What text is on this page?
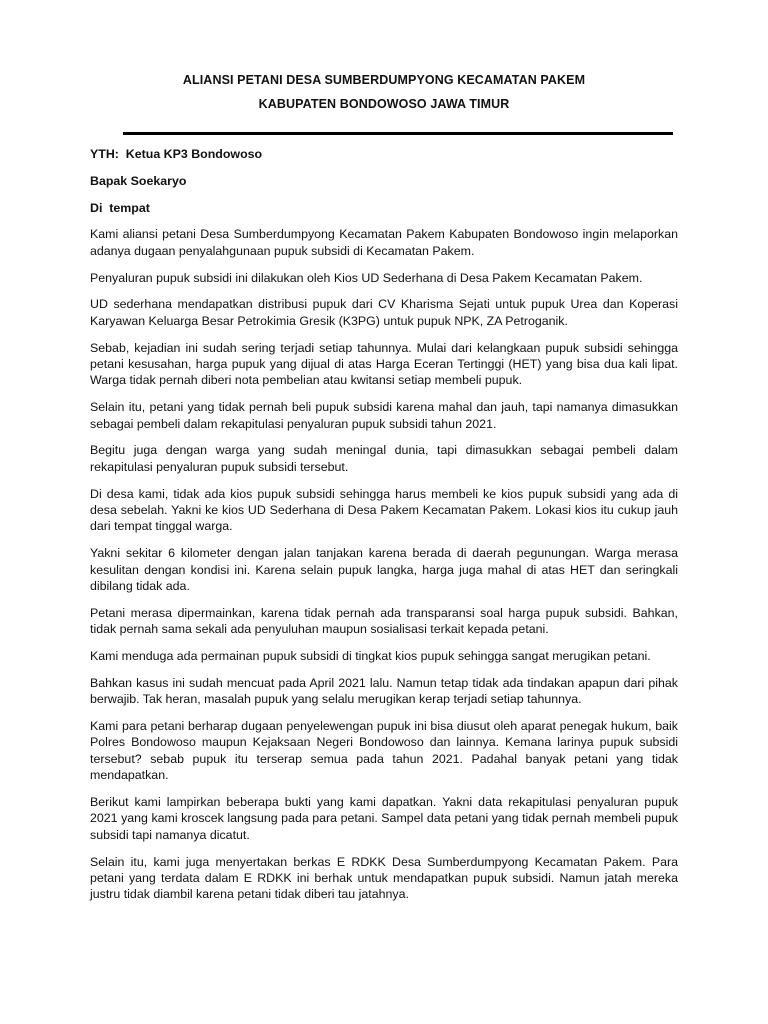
ALIANSI PETANI DESA SUMBERDUMPYONG KECAMATAN PAKEM
KABUPATEN BONDOWOSO JAWA TIMUR
YTH:  Ketua KP3 Bondowoso
Bapak Soekaryo
Di  tempat

Kami aliansi petani Desa Sumberdumpyong Kecamatan Pakem Kabupaten Bondowoso ingin melaporkan adanya dugaan penyalahgunaan pupuk subsidi di Kecamatan Pakem.

Penyaluran pupuk subsidi ini dilakukan oleh Kios UD Sederhana di Desa Pakem Kecamatan Pakem.

UD sederhana mendapatkan distribusi pupuk dari CV Kharisma Sejati untuk pupuk Urea dan Koperasi Karyawan Keluarga Besar Petrokimia Gresik (K3PG) untuk pupuk NPK, ZA Petroganik.

Sebab, kejadian ini sudah sering terjadi setiap tahunnya. Mulai dari kelangkaan pupuk subsidi sehingga petani kesusahan, harga pupuk yang dijual di atas Harga Eceran Tertinggi (HET) yang bisa dua kali lipat. Warga tidak pernah diberi nota pembelian atau kwitansi setiap membeli pupuk.

Selain itu, petani yang tidak pernah beli pupuk subsidi karena mahal dan jauh, tapi namanya dimasukkan sebagai pembeli dalam rekapitulasi penyaluran pupuk subsidi tahun 2021.

Begitu juga dengan warga yang sudah meningal dunia, tapi dimasukkan sebagai pembeli dalam rekapitulasi penyaluran pupuk subsidi tersebut.

Di desa kami, tidak ada kios pupuk subsidi sehingga harus membeli ke kios pupuk subsidi yang ada di desa sebelah. Yakni ke kios UD Sederhana di Desa Pakem Kecamatan Pakem. Lokasi kios itu cukup jauh dari tempat tinggal warga.

Yakni sekitar 6 kilometer dengan jalan tanjakan karena berada di daerah pegunungan. Warga merasa kesulitan dengan kondisi ini. Karena selain pupuk langka, harga juga mahal di atas HET dan seringkali dibilang tidak ada.

Petani merasa dipermainkan, karena tidak pernah ada transparansi soal harga pupuk subsidi. Bahkan, tidak pernah sama sekali ada penyuluhan maupun sosialisasi terkait kepada petani.

Kami menduga ada permainan pupuk subsidi di tingkat kios pupuk sehingga sangat merugikan petani.

Bahkan kasus ini sudah mencuat pada April 2021 lalu. Namun tetap tidak ada tindakan apapun dari pihak berwajib. Tak heran, masalah pupuk yang selalu merugikan kerap terjadi setiap tahunnya.

Kami para petani berharap dugaan penyelewengan pupuk ini bisa diusut oleh aparat penegak hukum, baik Polres Bondowoso maupun Kejaksaan Negeri Bondowoso dan lainnya. Kemana larinya pupuk subsidi tersebut? sebab pupuk itu terserap semua pada tahun 2021. Padahal banyak petani yang tidak mendapatkan.

Berikut kami lampirkan beberapa bukti yang kami dapatkan. Yakni data rekapitulasi penyaluran pupuk 2021 yang kami kroscek langsung pada para petani. Sampel data petani yang tidak pernah membeli pupuk subsidi tapi namanya dicatut.

Selain itu, kami juga menyertakan berkas E RDKK Desa Sumberdumpyong Kecamatan Pakem. Para petani yang terdata dalam E RDKK ini berhak untuk mendapatkan pupuk subsidi. Namun jatah mereka justru tidak diambil karena petani tidak diberi tau jatahnya.
